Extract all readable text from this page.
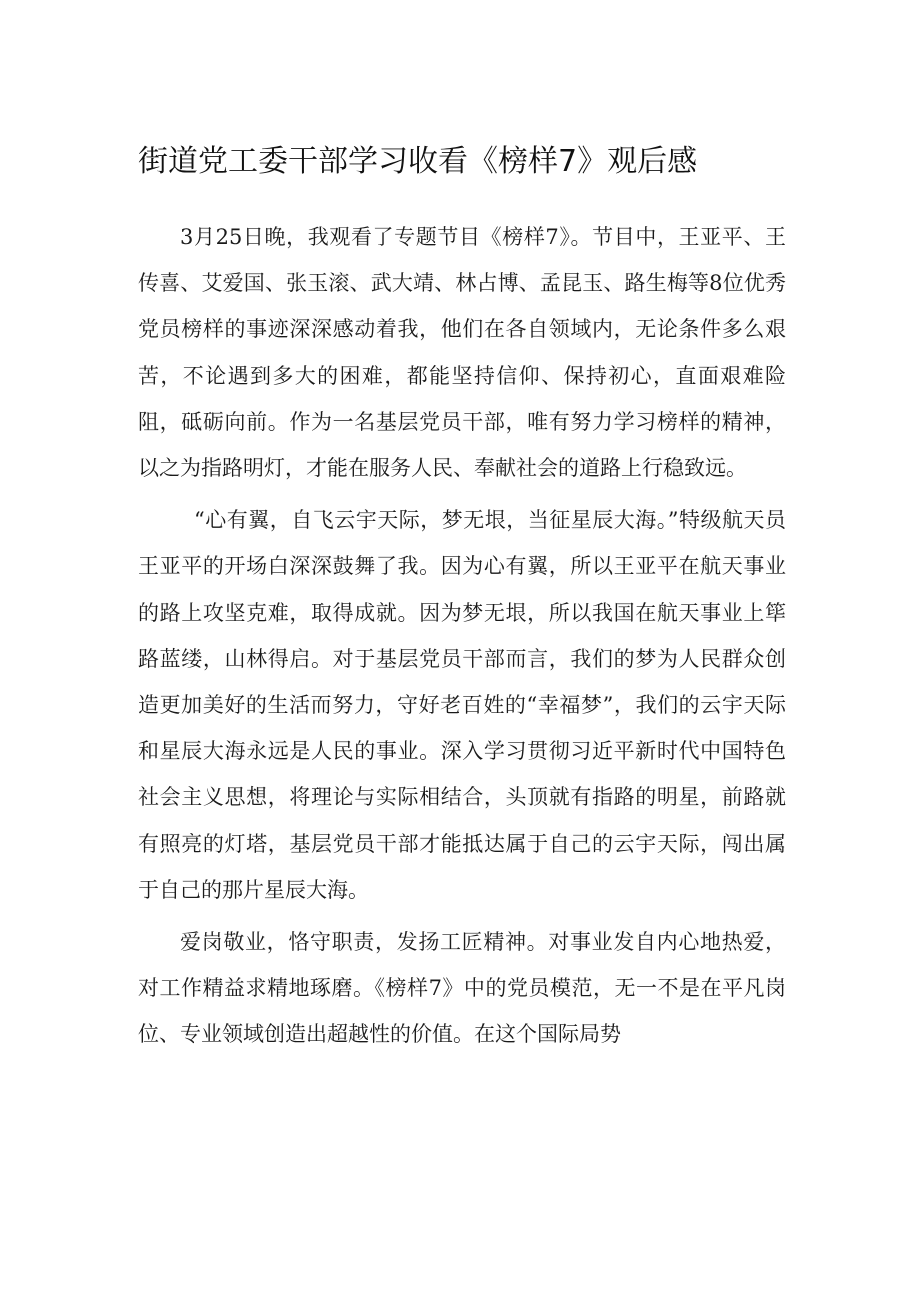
街道党工委干部学习收看《榜样7》观后感

3月25日晚，我观看了专题节目《榜样7》。节目中，王亚平、王传喜、艾爱国、张玉滚、武大靖、林占博、孟昆玉、路生梅等8位优秀党员榜样的事迹深深感动着我，他们在各自领域内，无论条件多么艰苦，不论遇到多大的困难，都能坚持信仰、保持初心，直面艰难险阻，砥砺向前。作为一名基层党员干部，唯有努力学习榜样的精神，以之为指路明灯，才能在服务人民、奉献社会的道路上行稳致远。

“心有翼，自飞云宇天际，梦无垠，当征星辰大海。”特级航天员王亚平的开场白深深鼓舞了我。因为心有翼，所以王亚平在航天事业的路上攻坚克难，取得成就。因为梦无垠，所以我国在航天事业上筚路蓝缕，山林得启。对于基层党员干部而言，我们的梦为人民群众创造更加美好的生活而努力，守好老百姓的“幸福梦”，我们的云宇天际和星辰大海永远是人民的事业。深入学习贯彻习近平新时代中国特色社会主义思想，将理论与实际相结合，头顶就有指路的明星，前路就有照亮的灯塔，基层党员干部才能抵达属于自己的云宇天际，闯出属于自己的那片星辰大海。

爱岗敬业，恪守职责，发扬工匠精神。对事业发自内心地热爱，对工作精益求精地琢磨。《榜样7》中的党员模范，无一不是在平凡岗位、专业领域创造出超越性的价值。在这个国际局势
